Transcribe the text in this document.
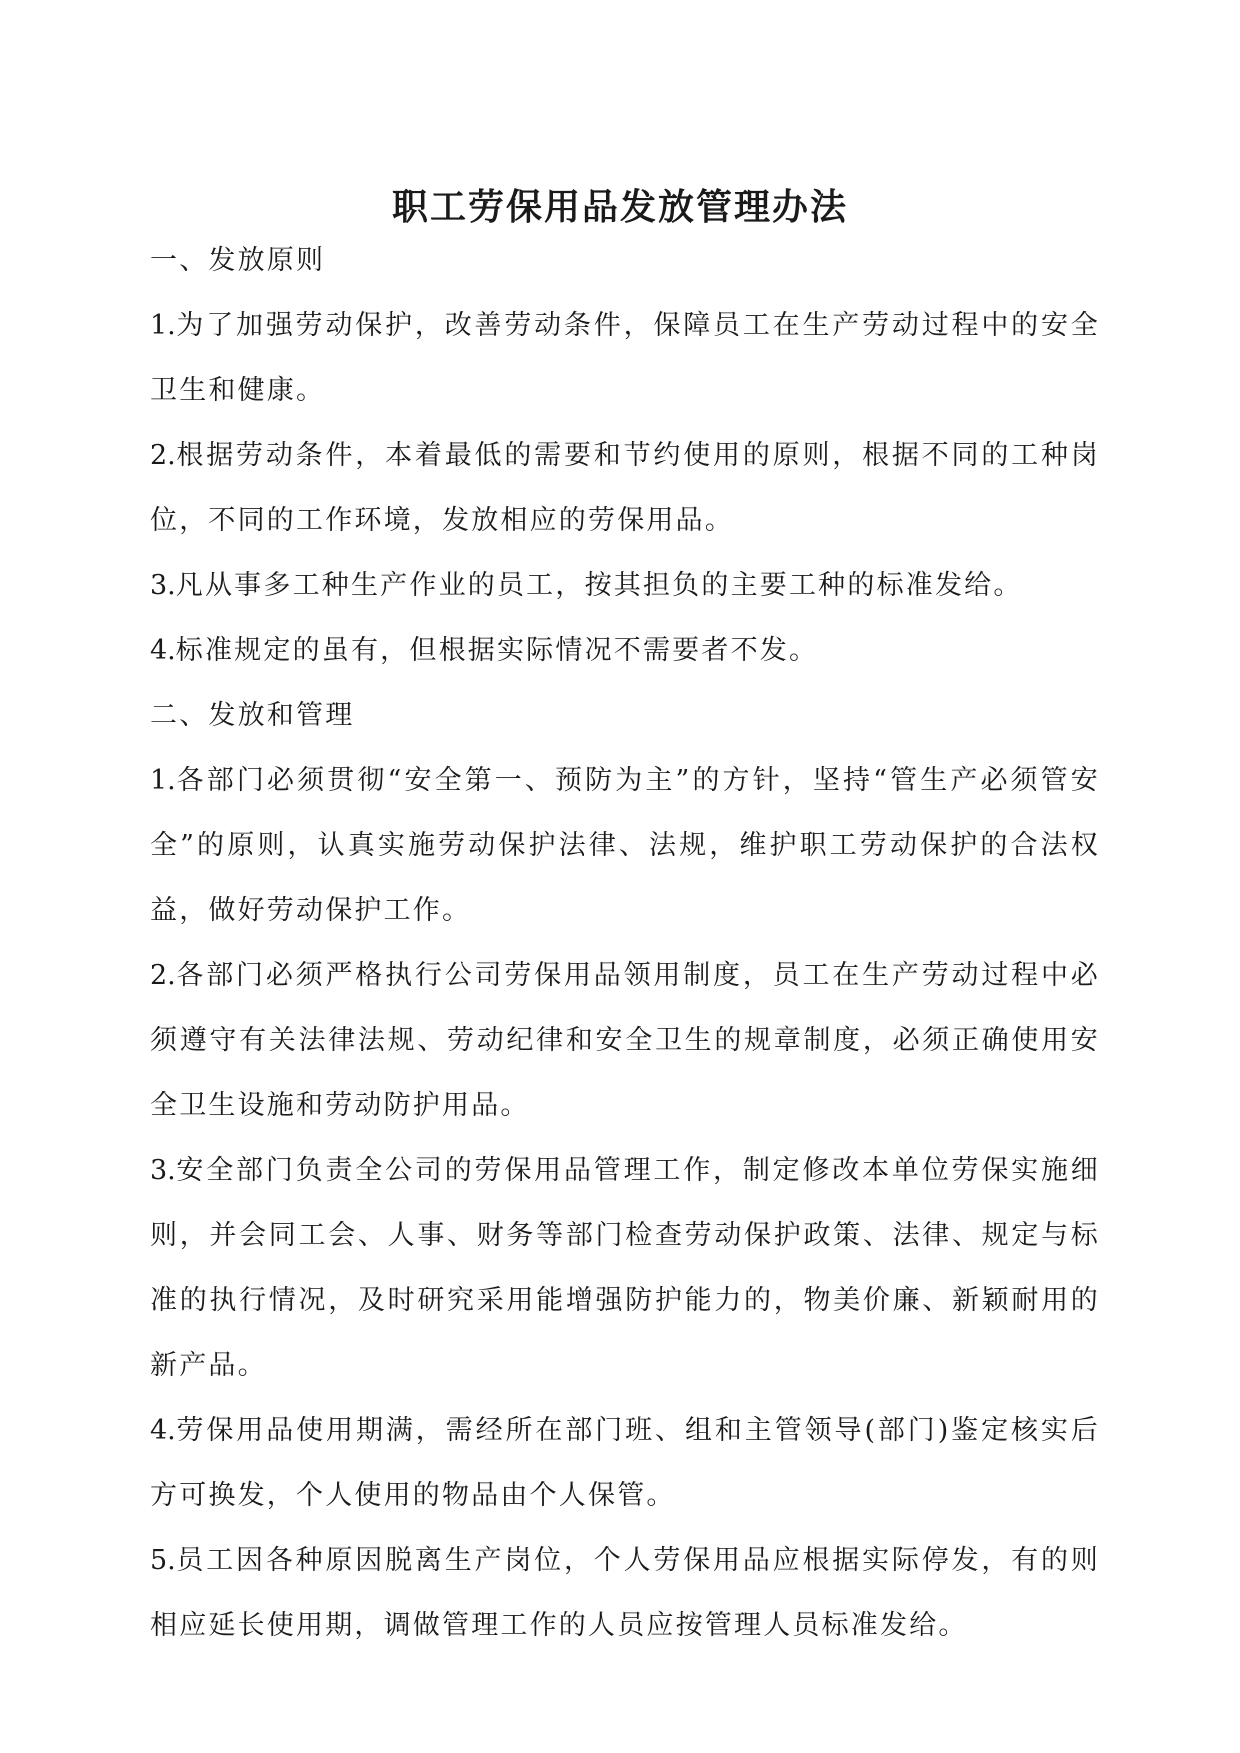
职工劳保用品发放管理办法

一、发放原则

1.为了加强劳动保护，改善劳动条件，保障员工在生产劳动过程中的安全卫生和健康。

2.根据劳动条件，本着最低的需要和节约使用的原则，根据不同的工种岗位，不同的工作环境，发放相应的劳保用品。

3.凡从事多工种生产作业的员工，按其担负的主要工种的标准发给。

4.标准规定的虽有，但根据实际情况不需要者不发。

二、发放和管理

1.各部门必须贯彻“安全第一、预防为主”的方针，坚持“管生产必须管安全”的原则，认真实施劳动保护法律、法规，维护职工劳动保护的合法权益，做好劳动保护工作。

2.各部门必须严格执行公司劳保用品领用制度，员工在生产劳动过程中必须遵守有关法律法规、劳动纪律和安全卫生的规章制度，必须正确使用安全卫生设施和劳动防护用品。

3.安全部门负责全公司的劳保用品管理工作，制定修改本单位劳保实施细则，并会同工会、人事、财务等部门检查劳动保护政策、法律、规定与标准的执行情况，及时研究采用能增强防护能力的，物美价廉、新颖耐用的新产品。

4.劳保用品使用期满，需经所在部门班、组和主管领导(部门)鉴定核实后方可换发，个人使用的物品由个人保管。

5.员工因各种原因脱离生产岗位，个人劳保用品应根据实际停发，有的则相应延长使用期，调做管理工作的人员应按管理人员标准发给。
